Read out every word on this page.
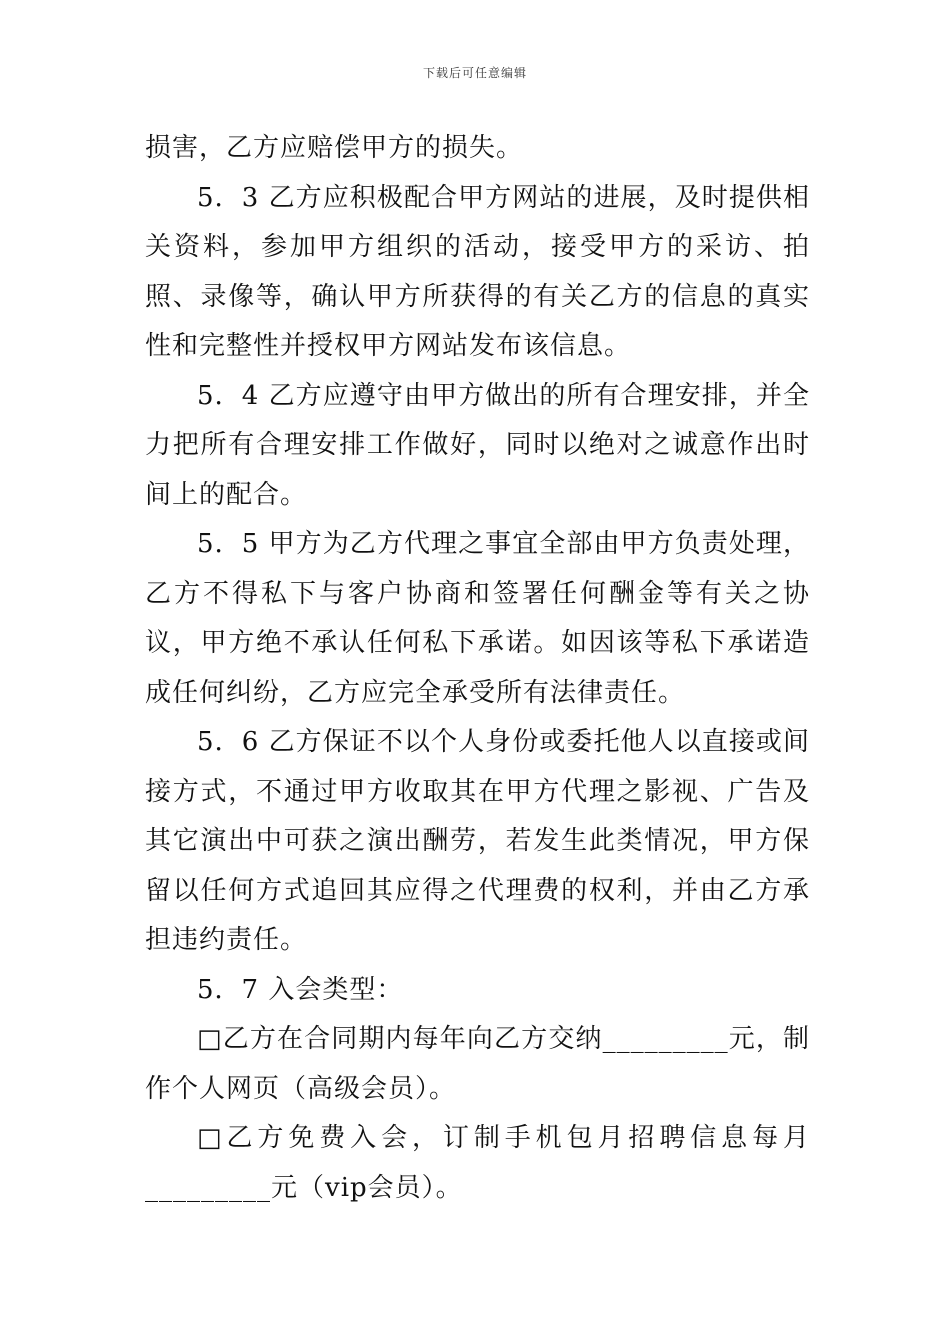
下载后可任意编辑

损害，乙方应赔偿甲方的损失。

5．3 乙方应积极配合甲方网站的进展，及时提供相关资料，参加甲方组织的活动，接受甲方的采访、拍照、录像等，确认甲方所获得的有关乙方的信息的真实性和完整性并授权甲方网站发布该信息。

5．4 乙方应遵守由甲方做出的所有合理安排，并全力把所有合理安排工作做好，同时以绝对之诚意作出时间上的配合。

5．5 甲方为乙方代理之事宜全部由甲方负责处理，乙方不得私下与客户协商和签署任何酬金等有关之协议，甲方绝不承认任何私下承诺。如因该等私下承诺造成任何纠纷，乙方应完全承受所有法律责任。

5．6 乙方保证不以个人身份或委托他人以直接或间接方式，不通过甲方收取其在甲方代理之影视、广告及其它演出中可获之演出酬劳，若发生此类情况，甲方保留以任何方式追回其应得之代理费的权利，并由乙方承担违约责任。

5．7 入会类型：

□乙方在合同期内每年向乙方交纳_________元，制作个人网页（高级会员）。

□乙方免费入会，订制手机包月招聘信息每月_________元（vip会员）。
